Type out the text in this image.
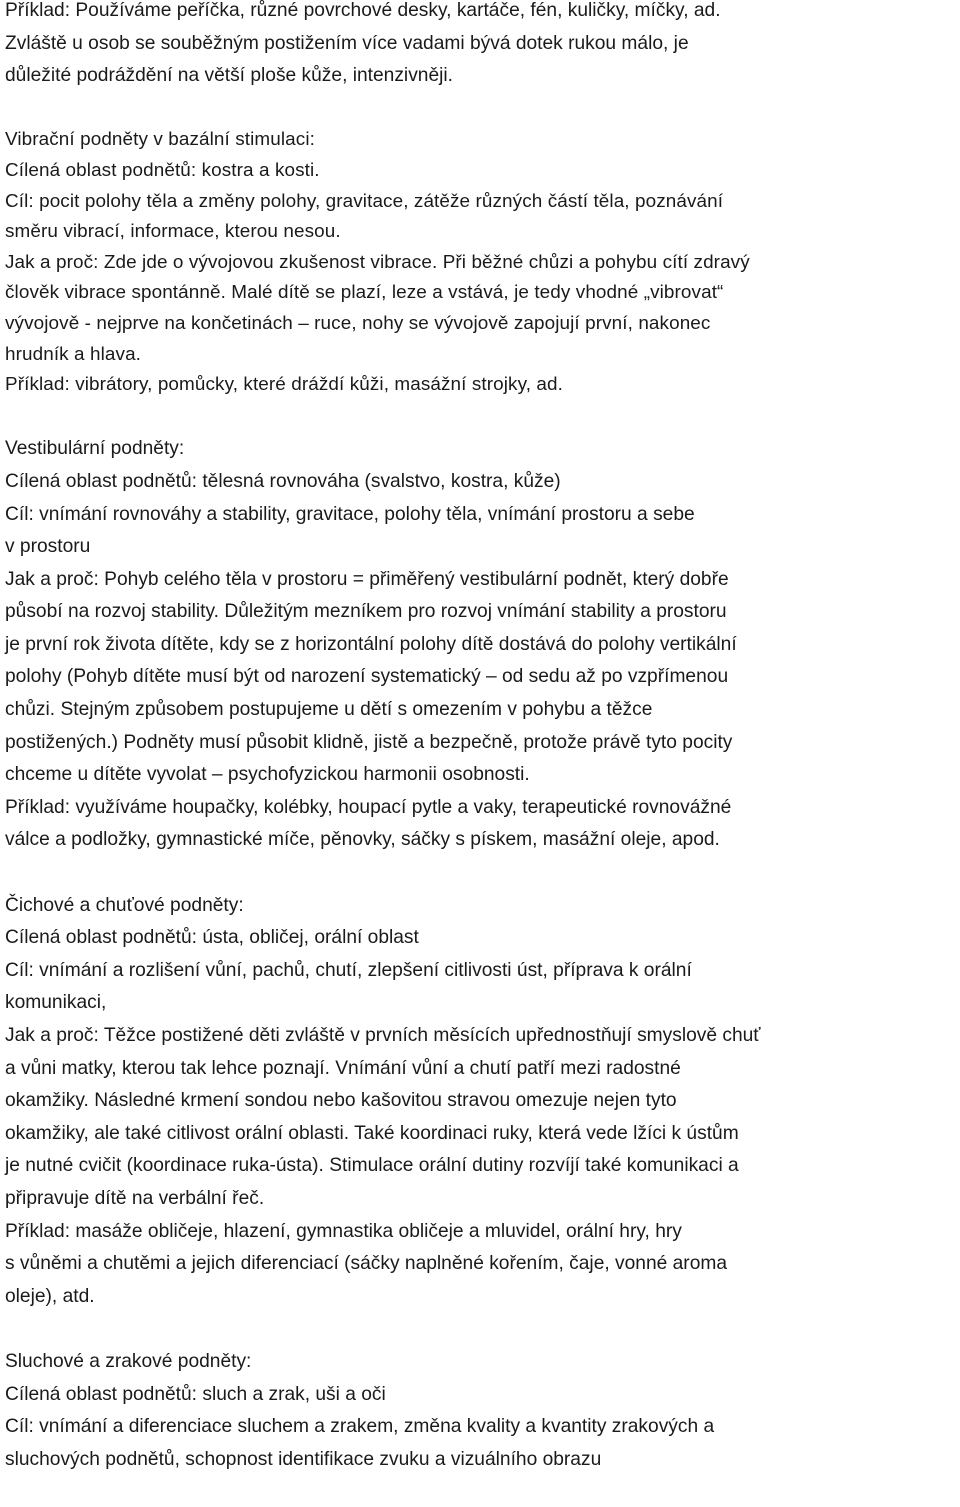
Příklad: Používáme peříčka, různé povrchové desky, kartáče, fén, kuličky, míčky, ad.
Zvláště u osob se souběžným postižením více vadami bývá dotek rukou málo, je
důležité podráždění na větší ploše kůže, intenzivněji.
Vibrační podněty v bazální stimulaci:
Cílená oblast podnětů: kostra a kosti.
Cíl: pocit polohy těla a změny polohy, gravitace, zátěže různých částí těla, poznávání
směru vibrací, informace, kterou nesou.
Jak a proč: Zde jde o vývojovou zkušenost vibrace. Při běžné chůzi a pohybu cítí zdravý
člověk vibrace spontánně. Malé dítě se plazí, leze a vstává, je tedy vhodné „vibrovat“
vývojově - nejprve na končetinách – ruce, nohy se vývojově zapojují první, nakonec
hrudník a hlava.
Příklad: vibrátory, pomůcky, které dráždí kůži, masážní strojky, ad.
Vestibulární podněty:
Cílená oblast podnětů: tělesná rovnováha (svalstvo, kostra, kůže)
Cíl: vnímání rovnováhy a stability, gravitace, polohy těla, vnímání prostoru a sebe
v prostoru
Jak a proč: Pohyb celého těla v prostoru = přiměřený vestibulární podnět, který dobře
působí na rozvoj stability. Důležitým mezníkem pro rozvoj vnímání stability a prostoru
je první rok života dítěte, kdy se z horizontální polohy dítě dostává do polohy vertikální
polohy (Pohyb dítěte musí být od narození systematický – od sedu až po vzpřímenou
chůzi. Stejným způsobem postupujeme u dětí s omezením v pohybu a těžce
postižených.) Podněty musí působit klidně, jistě a bezpečně, protože právě tyto pocity
chceme u dítěte vyvolat – psychofyzickou harmonii osobnosti.
Příklad: využíváme houpačky, kolébky, houpací pytle a vaky, terapeutické rovnovážné
válce a podložky, gymnastické míče, pěnovky, sáčky s pískem, masážní oleje, apod.
Čichové a chuťové podněty:
Cílená oblast podnětů: ústa, obličej, orální oblast
Cíl: vnímání a rozlišení vůní, pachů, chutí, zlepšení citlivosti úst, příprava k orální
komunikaci,
Jak a proč: Těžce postižené děti zvláště v prvních měsících upřednostňují smyslově chuť
a vůni matky, kterou tak lehce poznají. Vnímání vůní a chutí patří mezi radostné
okamžiky. Následné krmení sondou nebo kašovitou stravou omezuje nejen tyto
okamžiky, ale také citlivost orální oblasti. Také koordinaci ruky, která vede lžíci k ústům
je nutné cvičit (koordinace ruka-ústa). Stimulace orální dutiny rozvíjí také komunikaci a
připravuje dítě na verbální řeč.
Příklad: masáže obličeje, hlazení, gymnastika obličeje a mluvidel, orální hry, hry
s vůněmi a chutěmi a jejich diferenciací (sáčky naplněné kořením, čaje, vonné aroma
oleje), atd.
Sluchové a zrakové podněty:
Cílená oblast podnětů: sluch a zrak, uši a oči
Cíl: vnímání a diferenciace sluchem a zrakem, změna kvality a kvantity zrakových a
sluchových podnětů, schopnost identifikace zvuku a vizuálního obrazu
